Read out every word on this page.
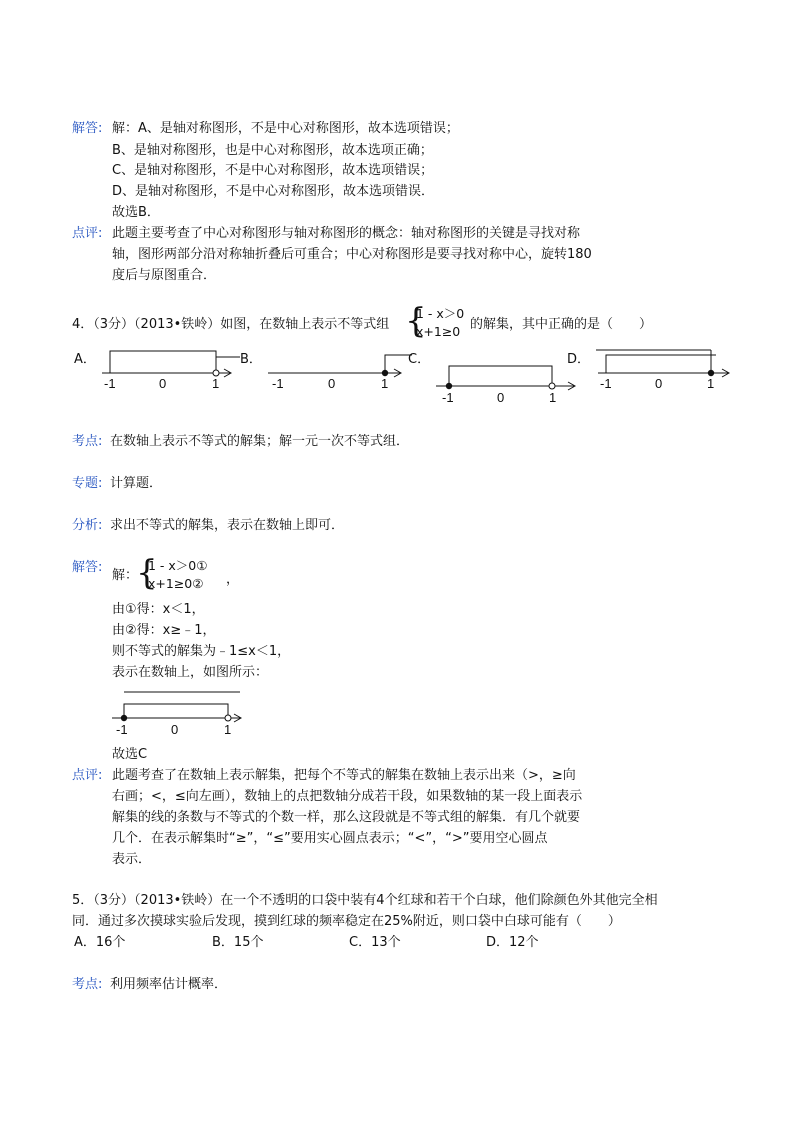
解答: 解：A、是轴对称图形，不是中心对称图形，故本选项错误；
B、是轴对称图形，也是中心对称图形，故本选项正确；
C、是轴对称图形，不是中心对称图形，故本选项错误；
D、是轴对称图形，不是中心对称图形，故本选项错误．
故选B．
点评: 此题主要考查了中心对称图形与轴对称图形的概念：轴对称图形的关键是寻找对称
轴，图形两部分沿对称轴折叠后可重合；中心对称图形是要寻找对称中心，旋转180
度后与原图重合．
4．（3分）（2013•铁岭）如图，在数轴上表示不等式组 {
1 - x＞0
x+1≥0 的解集，其中正确的是（　　）
A．	B．	C．	D．
-1	0	1	-1	0	1
-1	0	1
-1	0	1
考点: 在数轴上表示不等式的解集；解一元一次不等式组．
专题: 计算题．
分析: 求出不等式的解集，表示在数轴上即可．
解答:
解：
{
1 - x＞0①
x+1≥0②	，
由①得：x＜1，
由②得：x≥﹣1，
则不等式的解集为﹣1≤x＜1，
表示在数轴上，如图所示：
-1	0	1
故选C
点评: 此题考查了在数轴上表示解集，把每个不等式的解集在数轴上表示出来（>，≥向
右画；<，≤向左画），数轴上的点把数轴分成若干段，如果数轴的某一段上面表示
解集的线的条数与不等式的个数一样，那么这段就是不等式组的解集．有几个就要
几个．在表示解集时“≥”，“≤”要用实心圆点表示；“<”，“>”要用空心圆点
表示．
5．（3分）（2013•铁岭）在一个不透明的口袋中装有4个红球和若干个白球，他们除颜色外其他完全相
同．通过多次摸球实验后发现，摸到红球的频率稳定在25%附近，则口袋中白球可能有（　　）
A．16个	B．15个	C．13个	D．12个
考点: 利用频率估计概率．
